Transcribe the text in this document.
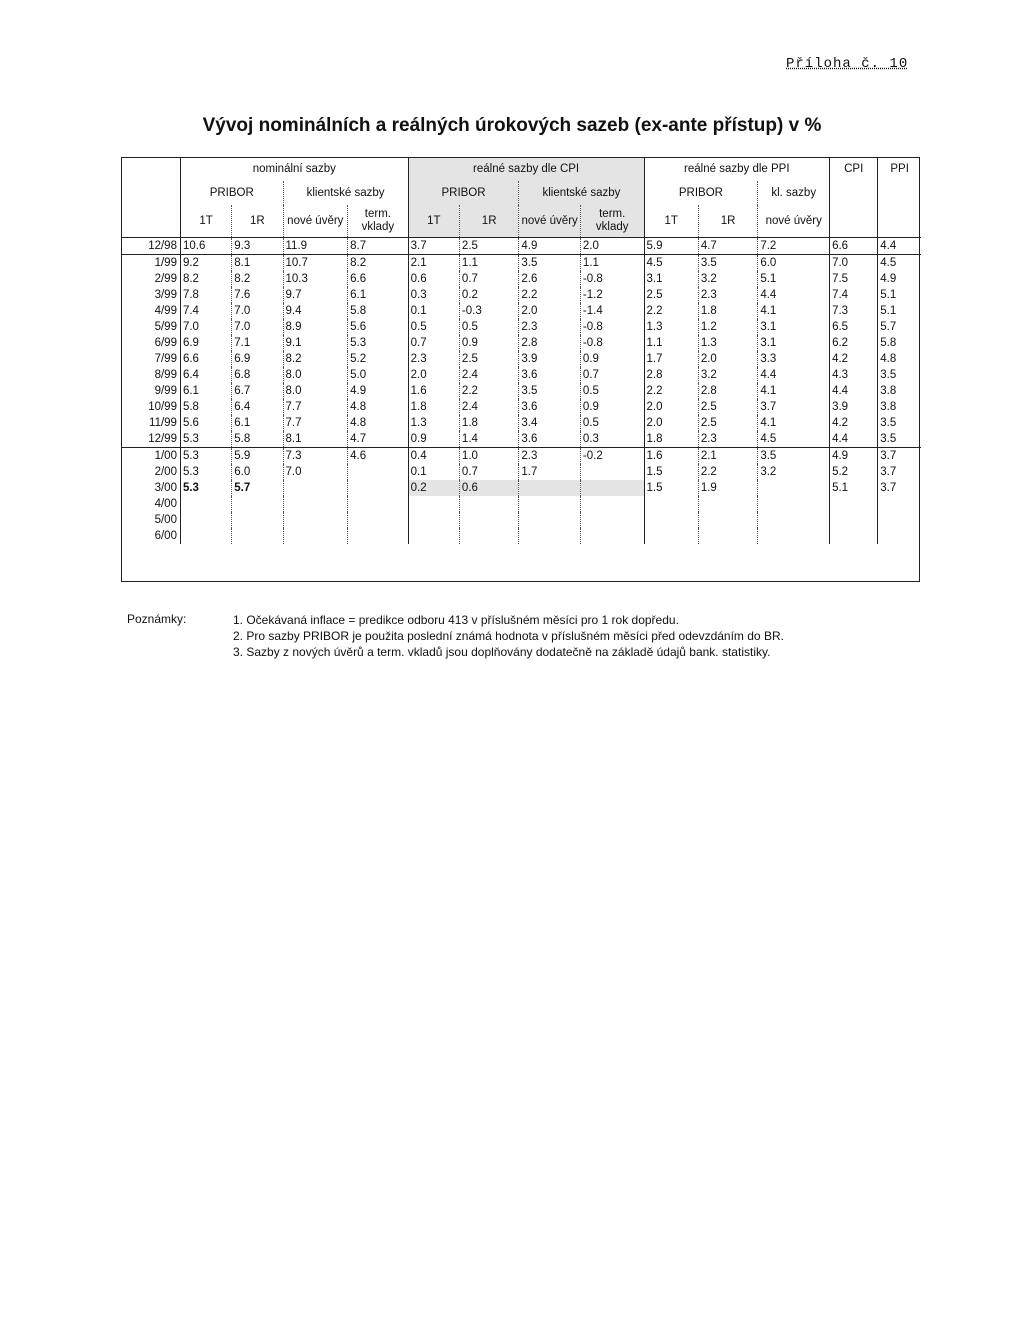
Příloha č. 10
Vývoj nominálních a reálných úrokových sazeb (ex-ante přístup) v %
	nominální sazby				reálné sazby dle CPI				reálné sazby dle PPI			CPI	PPI
	PRIBOR		klientské sazby		PRIBOR		klientské sazby		PRIBOR		kl. sazby		
	1T	1R	nové úvěry	term. vklady	1T	1R	nové úvěry	term. vklady	1T	1R	nové úvěry		
12/98	10.6	9.3	11.9	8.7	3.7	2.5	4.9	2.0	5.9	4.7	7.2	6.6	4.4
1/99	9.2	8.1	10.7	8.2	2.1	1.1	3.5	1.1	4.5	3.5	6.0	7.0	4.5
2/99	8.2	8.2	10.3	6.6	0.6	0.7	2.6	-0.8	3.1	3.2	5.1	7.5	4.9
3/99	7.8	7.6	9.7	6.1	0.3	0.2	2.2	-1.2	2.5	2.3	4.4	7.4	5.1
4/99	7.4	7.0	9.4	5.8	0.1	-0.3	2.0	-1.4	2.2	1.8	4.1	7.3	5.1
5/99	7.0	7.0	8.9	5.6	0.5	0.5	2.3	-0.8	1.3	1.2	3.1	6.5	5.7
6/99	6.9	7.1	9.1	5.3	0.7	0.9	2.8	-0.8	1.1	1.3	3.1	6.2	5.8
7/99	6.6	6.9	8.2	5.2	2.3	2.5	3.9	0.9	1.7	2.0	3.3	4.2	4.8
8/99	6.4	6.8	8.0	5.0	2.0	2.4	3.6	0.7	2.8	3.2	4.4	4.3	3.5
9/99	6.1	6.7	8.0	4.9	1.6	2.2	3.5	0.5	2.2	2.8	4.1	4.4	3.8
10/99	5.8	6.4	7.7	4.8	1.8	2.4	3.6	0.9	2.0	2.5	3.7	3.9	3.8
11/99	5.6	6.1	7.7	4.8	1.3	1.8	3.4	0.5	2.0	2.5	4.1	4.2	3.5
12/99	5.3	5.8	8.1	4.7	0.9	1.4	3.6	0.3	1.8	2.3	4.5	4.4	3.5
1/00	5.3	5.9	7.3	4.6	0.4	1.0	2.3	-0.2	1.6	2.1	3.5	4.9	3.7
2/00	5.3	6.0	7.0		0.1	0.7	1.7		1.5	2.2	3.2	5.2	3.7
3/00	5.3	5.7			0.2	0.6			1.5	1.9		5.1	3.7
4/00													
5/00													
6/00													
Poznámky:	1. Očekávaná inflace = predikce odboru 413 v příslušném měsíci pro 1 rok dopředu.
2. Pro sazby PRIBOR je použita poslední známá hodnota v příslušném měsíci před odevzdáním do BR.
3. Sazby z nových úvěrů a term. vkladů jsou doplňovány dodatečně na základě údajů bank. statistiky.
